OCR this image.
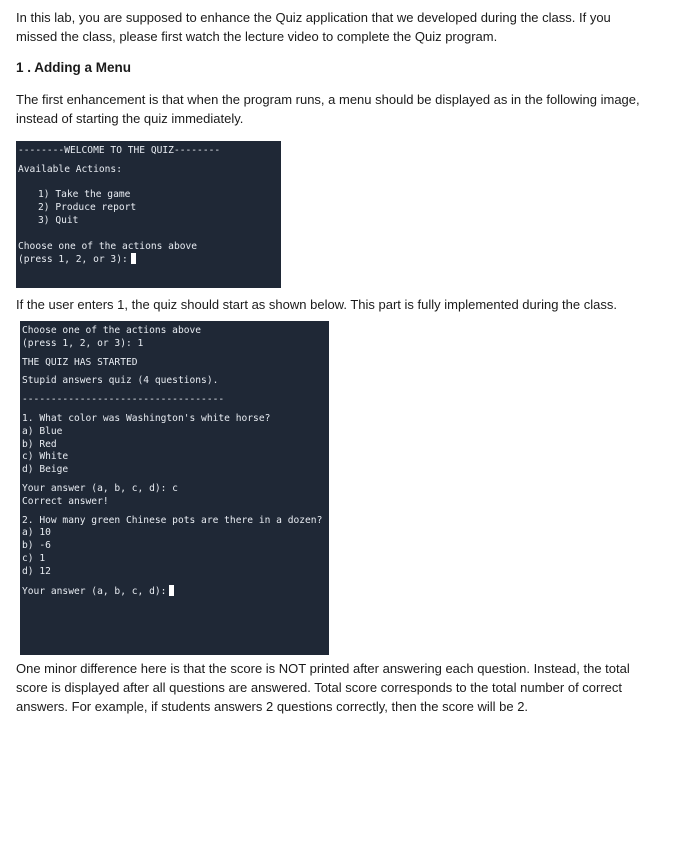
In this lab, you are supposed to enhance the Quiz application that we developed during the class. If you missed the class, please first watch the lecture video to complete the Quiz program.

1 . Adding a Menu

The first enhancement is that when the program runs, a menu should be displayed as in the following image, instead of starting the quiz immediately.

--------WELCOME TO THE QUIZ--------
Available Actions:
1) Take the game
2) Produce report
3) Quit
Choose one of the actions above
(press 1, 2, or 3):

If the user enters 1, the quiz should start as shown below. This part is fully implemented during the class.

Choose one of the actions above
(press 1, 2, or 3): 1
THE QUIZ HAS STARTED
Stupid answers quiz (4 questions).
-----------------------------------
1. What color was Washington's white horse?
a) Blue
b) Red
c) White
d) Beige
Your answer (a, b, c, d): c
Correct answer!
2. How many green Chinese pots are there in a dozen?
a) 10
b) -6
c) 1
d) 12
Your answer (a, b, c, d):

One minor difference here is that the score is NOT printed after answering each question. Instead, the total score is displayed after all questions are answered. Total score corresponds to the total number of correct answers. For example, if students answers 2 questions correctly, then the score will be 2.
